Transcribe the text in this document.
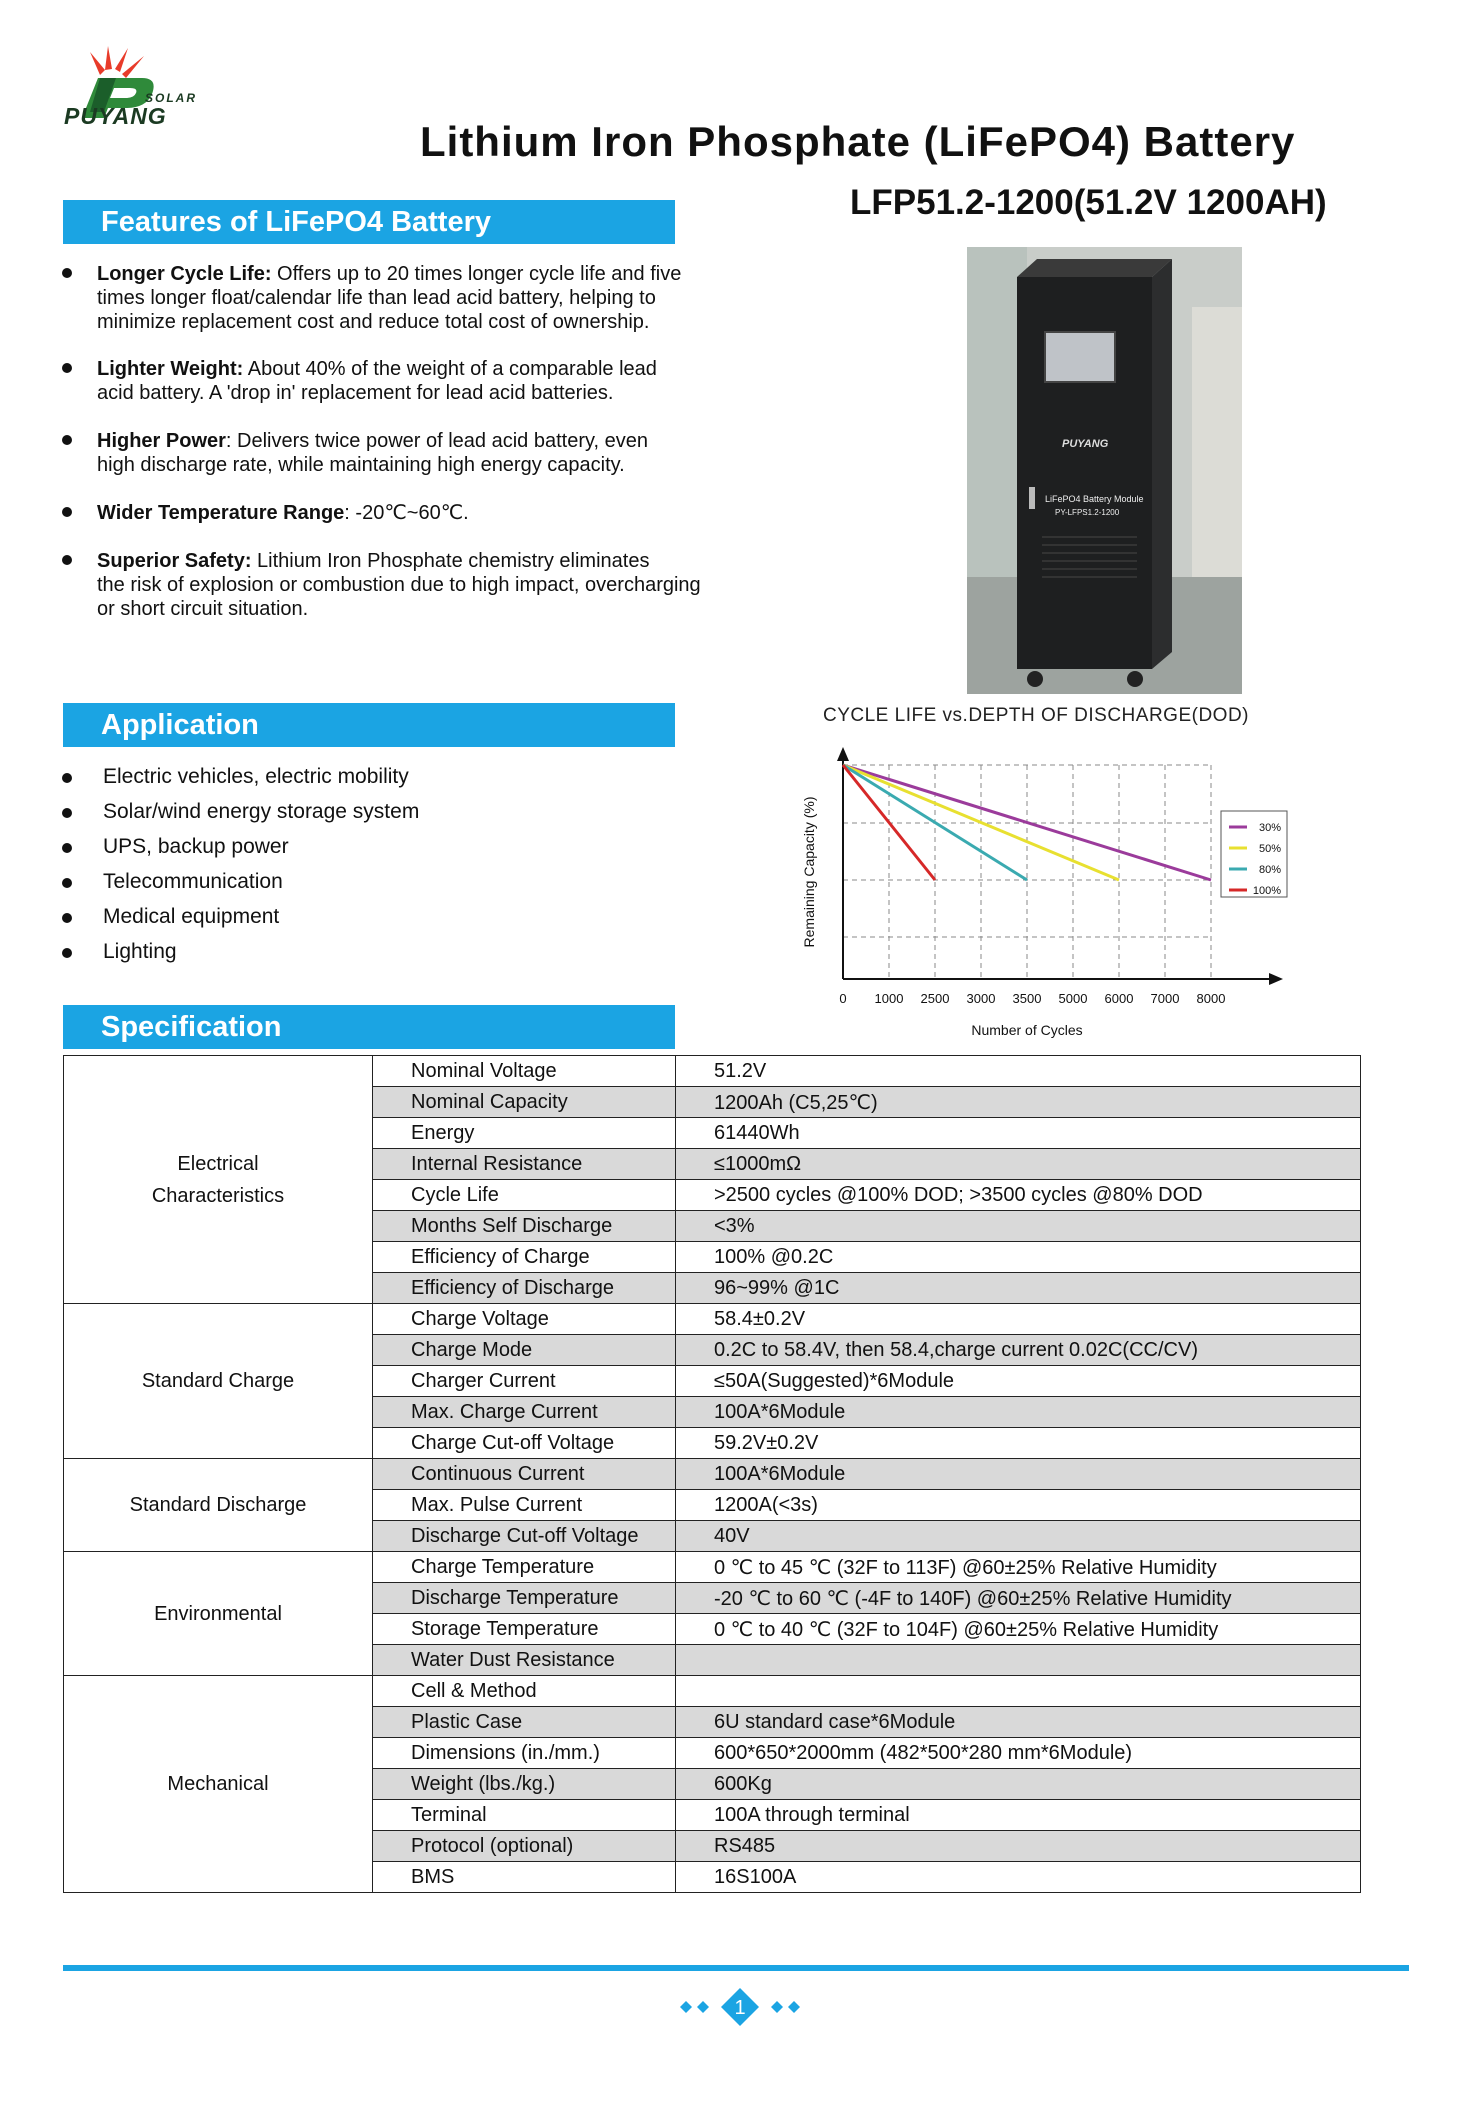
SOLAR
PUYANG
Lithium Iron Phosphate (LiFePO4) Battery
LFP51.2-1200(51.2V 1200AH)
Features of LiFePO4 Battery
Longer Cycle Life: Offers up to 20 times longer cycle life and five
times longer float/calendar life than lead acid battery, helping to
minimize replacement cost and reduce total cost of ownership.
Lighter Weight: About 40% of the weight of a comparable lead
acid battery. A 'drop in' replacement for lead acid batteries.
Higher Power: Delivers twice power of lead acid battery, even
high discharge rate, while maintaining high energy capacity.
Wider Temperature Range: -20℃~60℃.
Superior Safety: Lithium Iron Phosphate chemistry eliminates
the risk of explosion or combustion due to high impact, overcharging
or short circuit situation.
PUYANG
LiFePO4 Battery Module
PY-LFPS1.2-1200
Application
Electric vehicles, electric mobility
Solar/wind energy storage system
UPS, backup power
Telecommunication
Medical equipment
Lighting
CYCLE LIFE vs.DEPTH OF DISCHARGE(DOD)
0 1000 2500 3000 3500 5000 6000 7000 8000
Number of Cycles
Remaining Capacity (%)	30%
50%
80%
100%
Specification
Electrical
Characteristics	Nominal Voltage	51.2V
	Nominal Capacity	1200Ah (C5,25℃)
	Energy	61440Wh
	Internal Resistance	≤1000mΩ
	Cycle Life	>2500 cycles @100% DOD; >3500 cycles @80% DOD
	Months Self Discharge	<3%
	Efficiency of Charge	100% @0.2C
	Efficiency of Discharge	96~99% @1C
Standard Charge	Charge Voltage	58.4±0.2V
	Charge Mode	0.2C to 58.4V, then 58.4,charge current 0.02C(CC/CV)
	Charger Current	≤50A(Suggested)*6Module
	Max. Charge Current	100A*6Module
	Charge Cut-off Voltage	59.2V±0.2V
Standard Discharge	Continuous Current	100A*6Module
	Max. Pulse Current	1200A(<3s)
	Discharge Cut-off Voltage	40V
Environmental	Charge Temperature	0 ℃ to 45 ℃ (32F to 113F) @60±25% Relative Humidity
	Discharge Temperature	-20 ℃ to 60 ℃ (-4F to 140F) @60±25% Relative Humidity
	Storage Temperature	0 ℃ to 40 ℃ (32F to 104F) @60±25% Relative Humidity
	Water Dust Resistance	
Mechanical	Cell & Method	
	Plastic Case	6U standard case*6Module
	Dimensions (in./mm.)	600*650*2000mm (482*500*280 mm*6Module)
	Weight (lbs./kg.)	600Kg
	Terminal	100A through terminal
	Protocol (optional)	RS485
	BMS	16S100A
1
